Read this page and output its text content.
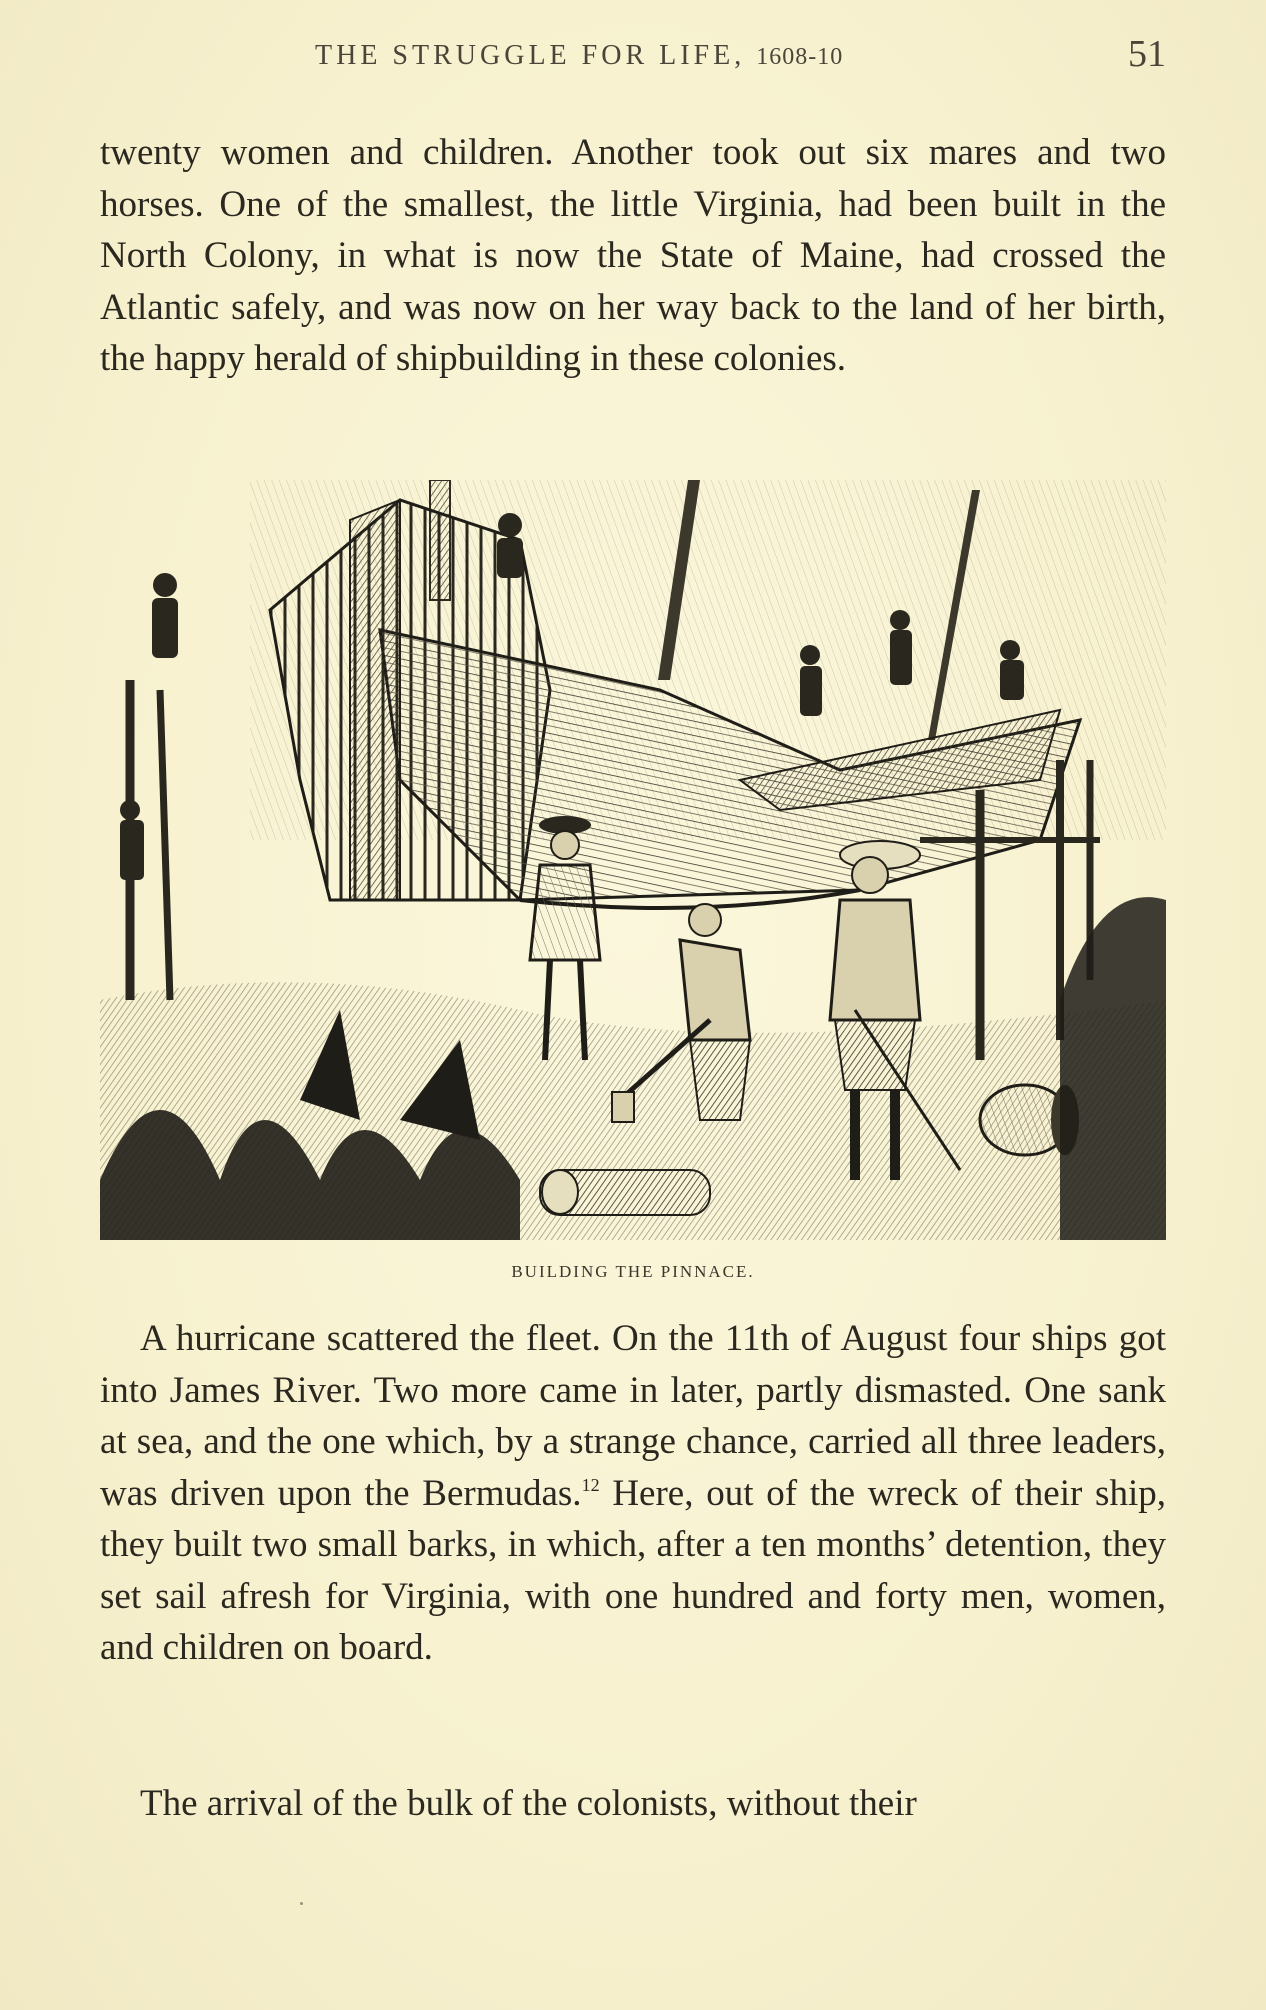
THE STRUGGLE FOR LIFE, 1608-10	51

twenty women and children. Another took out six mares and two horses. One of the smallest, the little Virginia, had been built in the North Colony, in what is now the State of Maine, had crossed the Atlantic safely, and was now on her way back to the land of her birth, the happy herald of shipbuilding in these colonies.

BUILDING THE PINNACE.

A hurricane scattered the fleet. On the 11th of August four ships got into James River. Two more came in later, partly dismasted. One sank at sea, and the one which, by a strange chance, carried all three leaders, was driven upon the Bermudas.$^{12}$ Here, out of the wreck of their ship, they built two small barks, in which, after a ten months’ detention, they set sail afresh for Virginia, with one hundred and forty men, women, and children on board.

The arrival of the bulk of the colonists, without their
